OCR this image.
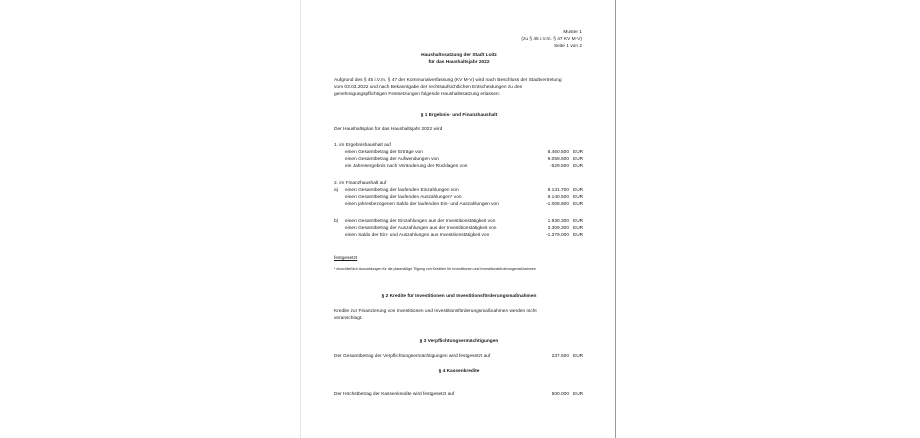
Muster 1
(zu § 45 i.V.m. § 47 KV M-V)
Seite 1 von 2
Haushaltssatzung der Stadt Loitz
für das Haushaltsjahr 2022
Aufgrund des § 45 i.V.m. § 47 der Kommunalverfassung (KV M-V) wird nach Beschluss der Stadtvertretung
vom 03.03.2022 und nach Bekanntgabe der rechtsaufsichtlichen Entscheidungen zu den
genehmigungspflichtigen Festsetzungen folgende Haushaltssatzung erlassen:
§ 1 Ergebnis- und Finanzhaushalt
Der Haushaltsplan für das Haushaltsjahr 2022 wird
1. im Ergebnishaushalt auf
einen Gesamtbetrag der Erträge von	8.460.500 EUR
einen Gesamtbetrag der Aufwendungen von	9.059.600 EUR
ein Jahresergebnis nach Veränderung der Rücklagen von	-529.500 EUR
2. im Finanzhaushalt auf
a) einen Gesamtbetrag der laufenden Einzahlungen von	8.131.700 EUR
einen Gesamtbetrag der laufenden Auszahlungen* von	9.140.500 EUR
einen jahresbezogenen Saldo der laufenden Ein- und Auszahlungen von	-1.008.800 EUR
b) einen Gesamtbetrag der Einzahlungen aus der Investitionstätigkeit von	1.930.300 EUR
einen Gesamtbetrag der Auszahlungen aus der Investitionstätigkeit von	3.309.300 EUR
einen Saldo der Ein- und Auszahlungen aus Investitionstätigkeit von	-1.379.000 EUR
festgesetzt
* einschließlich Auszahlungen für die planmäßige Tilgung von Krediten für Investitionen und Investitionsförderungsmaßnahmen
§ 2 Kredite für Investitionen und Investitionsförderungsmaßnahmen
Kredite zur Finanzierung von Investitionen und Investitionsförderungsmaßnahmen werden nicht
veranschlagt.
§ 3 Verpflichtungsermächtigungen
Der Gesamtbetrag der Verpflichtungsermächtigungen wird festgesetzt auf	237.500 EUR
§ 4 Kassenkredite
Der Höchstbetrag der Kassenkredite wird festgesetzt auf	500.000 EUR
